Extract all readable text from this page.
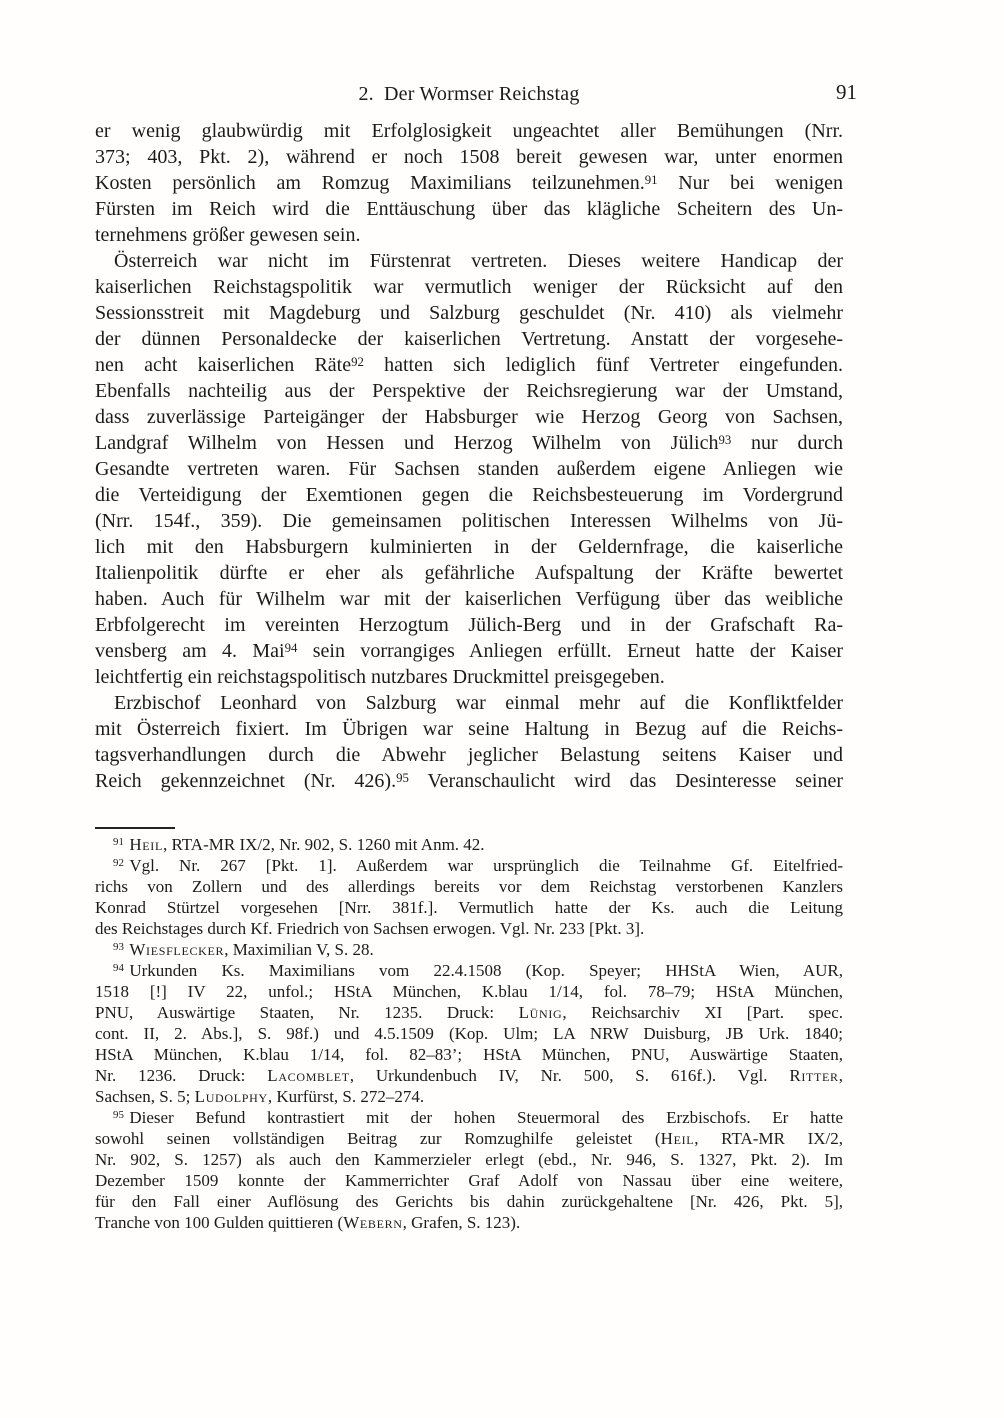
2. Der Wormser Reichstag	91
er wenig glaubwürdig mit Erfolglosigkeit ungeachtet aller Bemühungen (Nrr.
373; 403, Pkt. 2), während er noch 1508 bereit gewesen war, unter enormen
Kosten persönlich am Romzug Maximilians teilzunehmen.$^{91}$ Nur bei wenigen
Fürsten im Reich wird die Enttäuschung über das klägliche Scheitern des Un-
ternehmens größer gewesen sein.
Österreich war nicht im Fürstenrat vertreten. Dieses weitere Handicap der
kaiserlichen Reichstagspolitik war vermutlich weniger der Rücksicht auf den
Sessionsstreit mit Magdeburg und Salzburg geschuldet (Nr. 410) als vielmehr
der dünnen Personaldecke der kaiserlichen Vertretung. Anstatt der vorgesehe-
nen acht kaiserlichen Räte$^{92}$ hatten sich lediglich fünf Vertreter eingefunden.
Ebenfalls nachteilig aus der Perspektive der Reichsregierung war der Umstand,
dass zuverlässige Parteigänger der Habsburger wie Herzog Georg von Sachsen,
Landgraf Wilhelm von Hessen und Herzog Wilhelm von Jülich$^{93}$ nur durch
Gesandte vertreten waren. Für Sachsen standen außerdem eigene Anliegen wie
die Verteidigung der Exemtionen gegen die Reichsbesteuerung im Vordergrund
(Nrr. 154f., 359). Die gemeinsamen politischen Interessen Wilhelms von Jü-
lich mit den Habsburgern kulminierten in der Geldernfrage, die kaiserliche
Italienpolitik dürfte er eher als gefährliche Aufspaltung der Kräfte bewertet
haben. Auch für Wilhelm war mit der kaiserlichen Verfügung über das weibliche
Erbfolgerecht im vereinten Herzogtum Jülich-Berg und in der Grafschaft Ra-
vensberg am 4. Mai$^{94}$ sein vorrangiges Anliegen erfüllt. Erneut hatte der Kaiser
leichtfertig ein reichstagspolitisch nutzbares Druckmittel preisgegeben.
Erzbischof Leonhard von Salzburg war einmal mehr auf die Konfliktfelder
mit Österreich fixiert. Im Übrigen war seine Haltung in Bezug auf die Reichs-
tagsverhandlungen durch die Abwehr jeglicher Belastung seitens Kaiser und
Reich gekennzeichnet (Nr. 426).$^{95}$ Veranschaulicht wird das Desinteresse seiner
$^{91}$ Heil, RTA-MR IX/2, Nr. 902, S. 1260 mit Anm. 42.
$^{92}$ Vgl. Nr. 267 [Pkt. 1]. Außerdem war ursprünglich die Teilnahme Gf. Eitelfried-
richs von Zollern und des allerdings bereits vor dem Reichstag verstorbenen Kanzlers
Konrad Stürtzel vorgesehen [Nrr. 381f.]. Vermutlich hatte der Ks. auch die Leitung
des Reichstages durch Kf. Friedrich von Sachsen erwogen. Vgl. Nr. 233 [Pkt. 3].
$^{93}$ Wiesflecker, Maximilian V, S. 28.
$^{94}$ Urkunden Ks. Maximilians vom 22.4.1508 (Kop. Speyer; HHStA Wien, AUR,
1518 [!] IV 22, unfol.; HStA München, K.blau 1/14, fol. 78–79; HStA München,
PNU, Auswärtige Staaten, Nr. 1235. Druck: Lünig, Reichsarchiv XI [Part. spec.
cont. II, 2. Abs.], S. 98f.) und 4.5.1509 (Kop. Ulm; LA NRW Duisburg, JB Urk. 1840;
HStA München, K.blau 1/14, fol. 82–83’; HStA München, PNU, Auswärtige Staaten,
Nr. 1236. Druck: Lacomblet, Urkundenbuch IV, Nr. 500, S. 616f.). Vgl. Ritter,
Sachsen, S. 5; Ludolphy, Kurfürst, S. 272–274.
$^{95}$ Dieser Befund kontrastiert mit der hohen Steuermoral des Erzbischofs. Er hatte
sowohl seinen vollständigen Beitrag zur Romzughilfe geleistet (Heil, RTA-MR IX/2,
Nr. 902, S. 1257) als auch den Kammerzieler erlegt (ebd., Nr. 946, S. 1327, Pkt. 2). Im
Dezember 1509 konnte der Kammerrichter Graf Adolf von Nassau über eine weitere,
für den Fall einer Auflösung des Gerichts bis dahin zurückgehaltene [Nr. 426, Pkt. 5],
Tranche von 100 Gulden quittieren (Webern, Grafen, S. 123).
